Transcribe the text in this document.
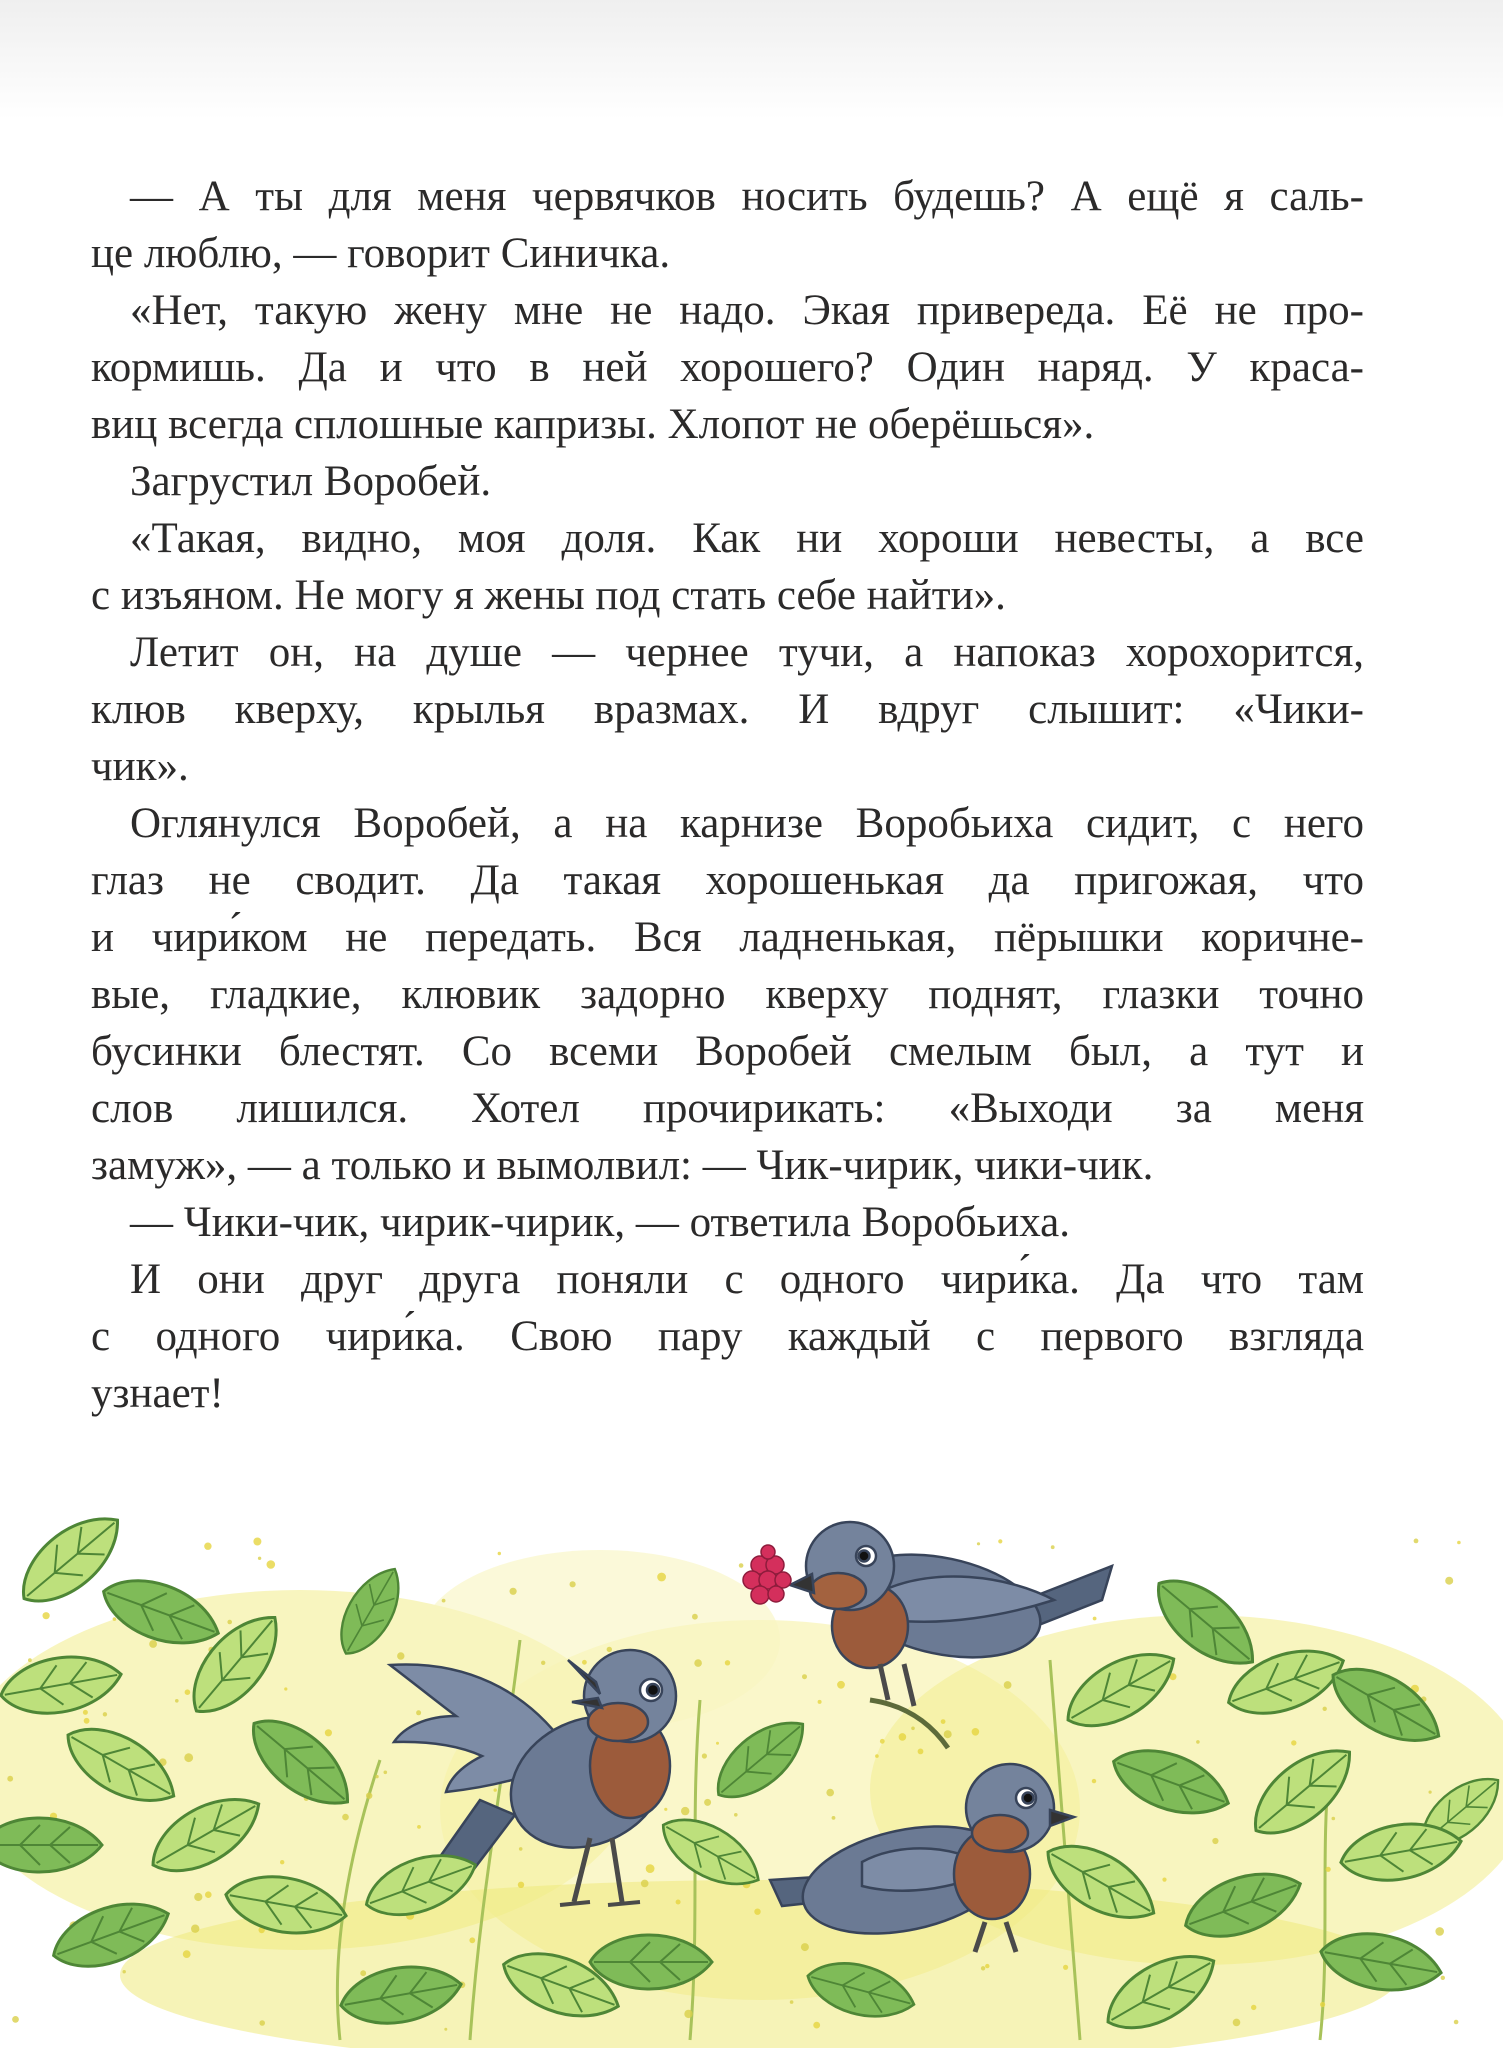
— А ты для меня червячков носить будешь? А ещё я саль-
це люблю, — говорит Синичка.
«Нет, такую жену мне не надо. Экая привереда. Её не про-
кормишь. Да и что в ней хорошего? Один наряд. У краса-
виц всегда сплошные капризы. Хлопот не оберёшься».
Загрустил Воробей.
«Такая, видно, моя доля. Как ни хороши невесты, а все
с изъяном. Не могу я жены под стать себе найти».
Летит он, на душе — чернее тучи, а напоказ хорохорится,
клюв кверху, крылья вразмах. И вдруг слышит: «Чики-
чик».
Оглянулся Воробей, а на карнизе Воробьиха сидит, с него
глаз не сводит. Да такая хорошенькая да пригожая, что
и чири́ком не передать. Вся ладненькая, пёрышки коричне-
вые, гладкие, клювик задорно кверху поднят, глазки точно
бусинки блестят. Со всеми Воробей смелым был, а тут и
слов лишился. Хотел прочирикать: «Выходи за меня
замуж», — а только и вымолвил: — Чик-чирик, чики-чик.
— Чики-чик, чирик-чирик, — ответила Воробьиха.
И они друг друга поняли с одного чири́ка. Да что там
с одного чири́ка. Свою пару каждый с первого взгляда
узнает!
